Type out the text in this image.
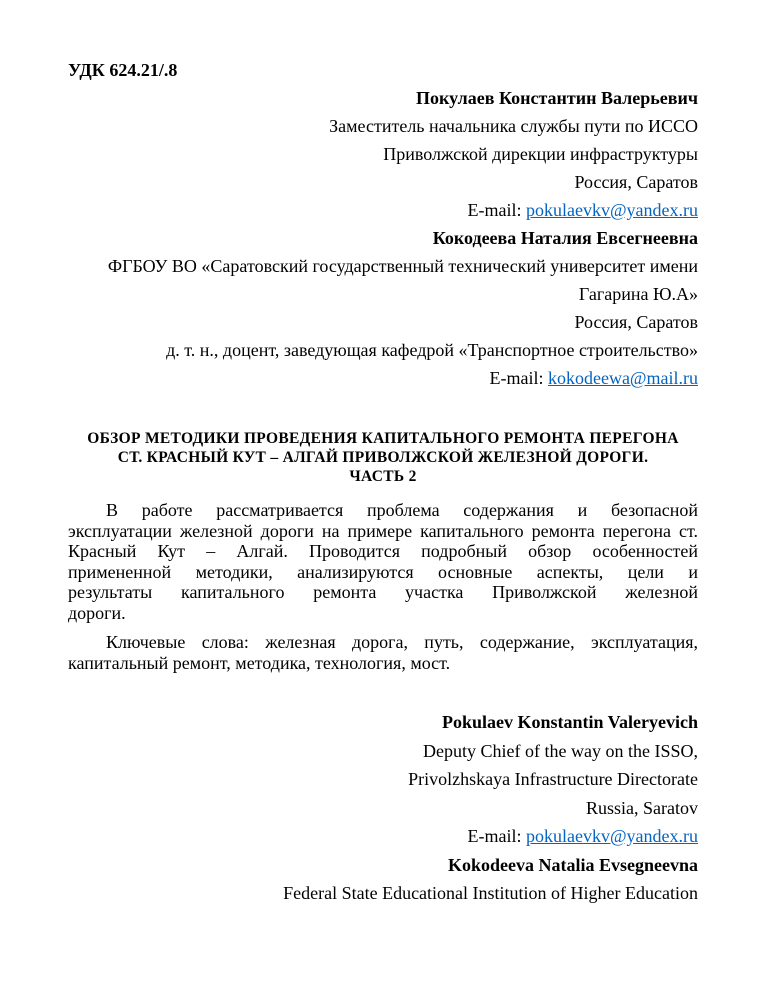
УДК 624.21/.8
Покулаев Константин Валерьевич
Заместитель начальника службы пути по ИССО
Приволжской дирекции инфраструктуры
Россия, Саратов
E-mail: pokulaevkv@yandex.ru
Кокодеева Наталия Евсегнеевна
ФГБОУ ВО «Саратовский государственный технический университет имени
Гагарина Ю.А»
Россия, Саратов
д. т. н., доцент, заведующая кафедрой «Транспортное строительство»
E-mail: kokodeewa@mail.ru
ОБЗОР МЕТОДИКИ ПРОВЕДЕНИЯ КАПИТАЛЬНОГО РЕМОНТА ПЕРЕГОНА
СТ. КРАСНЫЙ КУТ – АЛГАЙ ПРИВОЛЖСКОЙ ЖЕЛЕЗНОЙ ДОРОГИ.
ЧАСТЬ 2
В работе рассматривается проблема содержания и безопасной
эксплуатации железной дороги на примере капитального ремонта перегона ст.
Красный Кут – Алгай. Проводится подробный обзор особенностей
примененной методики, анализируются основные аспекты, цели и
результаты капитального ремонта участка Приволжской железной
дороги.
Ключевые слова: железная дорога, путь, содержание, эксплуатация,
капитальный ремонт, методика, технология, мост.
Pokulaev Konstantin Valeryevich
Deputy Chief of the way on the ISSO,
Privolzhskaya Infrastructure Directorate
Russia, Saratov
E-mail: pokulaevkv@yandex.ru
Kokodeeva Natalia Evsegneevna
Federal State Educational Institution of Higher Education
